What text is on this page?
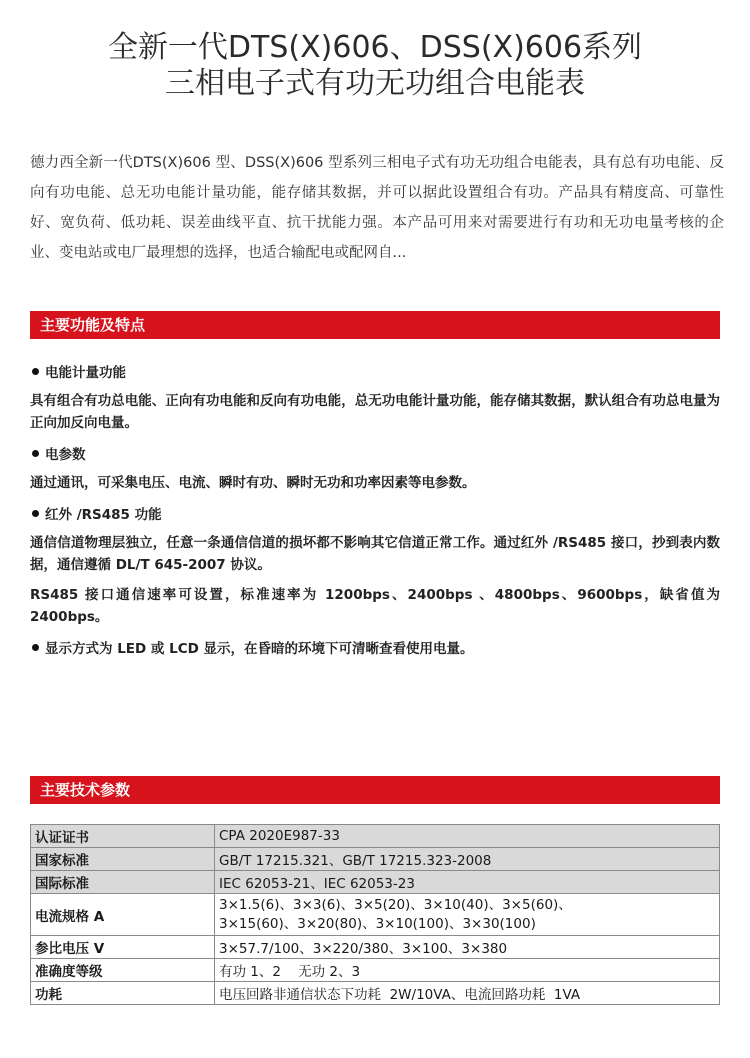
全新一代DTS(X)606、DSS(X)606系列
三相电子式有功无功组合电能表
德力西全新一代DTS(X)606 型、DSS(X)606 型系列三相电子式有功无功组合电能表，具有总有功电能、反向有功电能、总无功电能计量功能，能存储其数据，并可以据此设置组合有功。产品具有精度高、可靠性好、宽负荷、低功耗、误差曲线平直、抗干扰能力强。本产品可用来对需要进行有功和无功电量考核的企业、变电站或电厂最理想的选择，也适合输配电或配网自...
主要功能及特点
电能计量功能
具有组合有功总电能、正向有功电能和反向有功电能，总无功电能计量功能，能存储其数据，默认组合有功总电量为正向加反向电量。
电参数
通过通讯，可采集电压、电流、瞬时有功、瞬时无功和功率因素等电参数。
红外 /RS485 功能
通信信道物理层独立，任意一条通信信道的损坏都不影响其它信道正常工作。通过红外 /RS485 接口，抄到表内数据，通信遵循 DL/T 645-2007 协议。
RS485 接口通信速率可设置，标准速率为 1200bps、2400bps 、4800bps、9600bps，缺省值为 2400bps。
显示方式为 LED 或 LCD 显示，在昏暗的环境下可清晰查看使用电量。
主要技术参数
认证证书	CPA 2020E987-33
国家标准	GB/T 17215.321、GB/T 17215.323-2008
国际标准	IEC 62053-21、IEC 62053-23
电流规格 A	3×1.5(6)、3×3(6)、3×5(20)、3×10(40)、3×5(60)、
3×15(60)、3×20(80)、3×10(100)、3×30(100)

参比电压 V	3×57.7/100、3×220/380、3×100、3×380
准确度等级	有功 1、2    无功 2、3
功耗	电压回路非通信状态下功耗  2W/10VA、电流回路功耗  1VA
